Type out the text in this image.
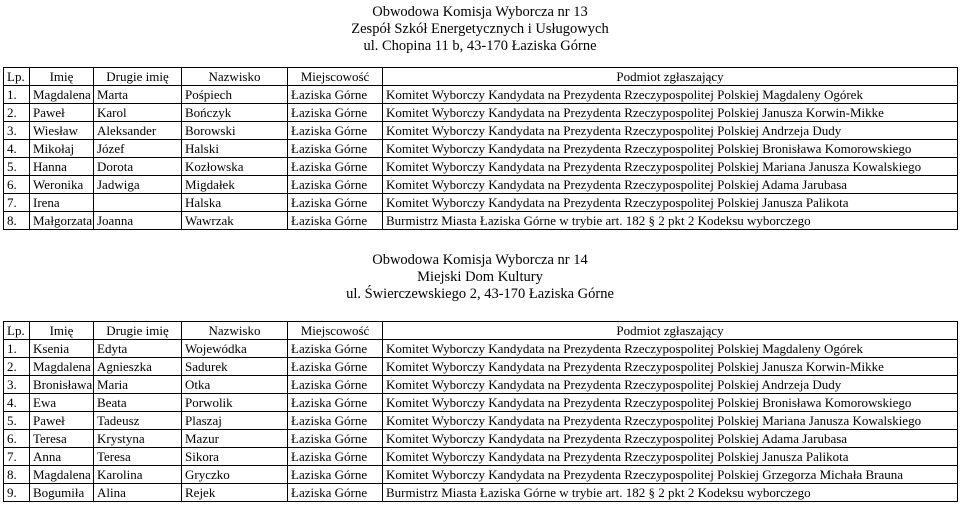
Obwodowa Komisja Wyborcza nr 13
Zespół Szkół Energetycznych i Usługowych
ul. Chopina 11 b, 43-170 Łaziska Górne
Lp.	Imię	Drugie imię	Nazwisko	Miejscowość	Podmiot zgłaszający
1.	Magdalena	Marta	Pośpiech	Łaziska Górne	Komitet Wyborczy Kandydata na Prezydenta Rzeczypospolitej Polskiej Magdaleny Ogórek
2.	Paweł	Karol	Bończyk	Łaziska Górne	Komitet Wyborczy Kandydata na Prezydenta Rzeczypospolitej Polskiej Janusza Korwin-Mikke
3.	Wiesław	Aleksander	Borowski	Łaziska Górne	Komitet Wyborczy Kandydata na Prezydenta Rzeczypospolitej Polskiej Andrzeja Dudy
4.	Mikołaj	Józef	Halski	Łaziska Górne	Komitet Wyborczy Kandydata na Prezydenta Rzeczypospolitej Polskiej Bronisława Komorowskiego
5.	Hanna	Dorota	Kozłowska	Łaziska Górne	Komitet Wyborczy Kandydata na Prezydenta Rzeczypospolitej Polskiej Mariana Janusza Kowalskiego
6.	Weronika	Jadwiga	Migdałek	Łaziska Górne	Komitet Wyborczy Kandydata na Prezydenta Rzeczypospolitej Polskiej Adama Jarubasa
7.	Irena		Halska	Łaziska Górne	Komitet Wyborczy Kandydata na Prezydenta Rzeczypospolitej Polskiej Janusza Palikota
8.	Małgorzata	Joanna	Wawrzak	Łaziska Górne	Burmistrz Miasta Łaziska Górne w trybie art. 182 § 2 pkt 2 Kodeksu wyborczego
Obwodowa Komisja Wyborcza nr 14
Miejski Dom Kultury
ul. Świerczewskiego 2, 43-170 Łaziska Górne
Lp.	Imię	Drugie imię	Nazwisko	Miejscowość	Podmiot zgłaszający
1.	Ksenia	Edyta	Wojewódka	Łaziska Górne	Komitet Wyborczy Kandydata na Prezydenta Rzeczypospolitej Polskiej Magdaleny Ogórek
2.	Magdalena	Agnieszka	Sadurek	Łaziska Górne	Komitet Wyborczy Kandydata na Prezydenta Rzeczypospolitej Polskiej Janusza Korwin-Mikke
3.	Bronisława	Maria	Otka	Łaziska Górne	Komitet Wyborczy Kandydata na Prezydenta Rzeczypospolitej Polskiej Andrzeja Dudy
4.	Ewa	Beata	Porwolik	Łaziska Górne	Komitet Wyborczy Kandydata na Prezydenta Rzeczypospolitej Polskiej Bronisława Komorowskiego
5.	Paweł	Tadeusz	Plaszaj	Łaziska Górne	Komitet Wyborczy Kandydata na Prezydenta Rzeczypospolitej Polskiej Mariana Janusza Kowalskiego
6.	Teresa	Krystyna	Mazur	Łaziska Górne	Komitet Wyborczy Kandydata na Prezydenta Rzeczypospolitej Polskiej Adama Jarubasa
7.	Anna	Teresa	Sikora	Łaziska Górne	Komitet Wyborczy Kandydata na Prezydenta Rzeczypospolitej Polskiej Janusza Palikota
8.	Magdalena	Karolina	Gryczko	Łaziska Górne	Komitet Wyborczy Kandydata na Prezydenta Rzeczypospolitej Polskiej Grzegorza Michała Brauna
9.	Bogumiła	Alina	Rejek	Łaziska Górne	Burmistrz Miasta Łaziska Górne w trybie art. 182 § 2 pkt 2 Kodeksu wyborczego
